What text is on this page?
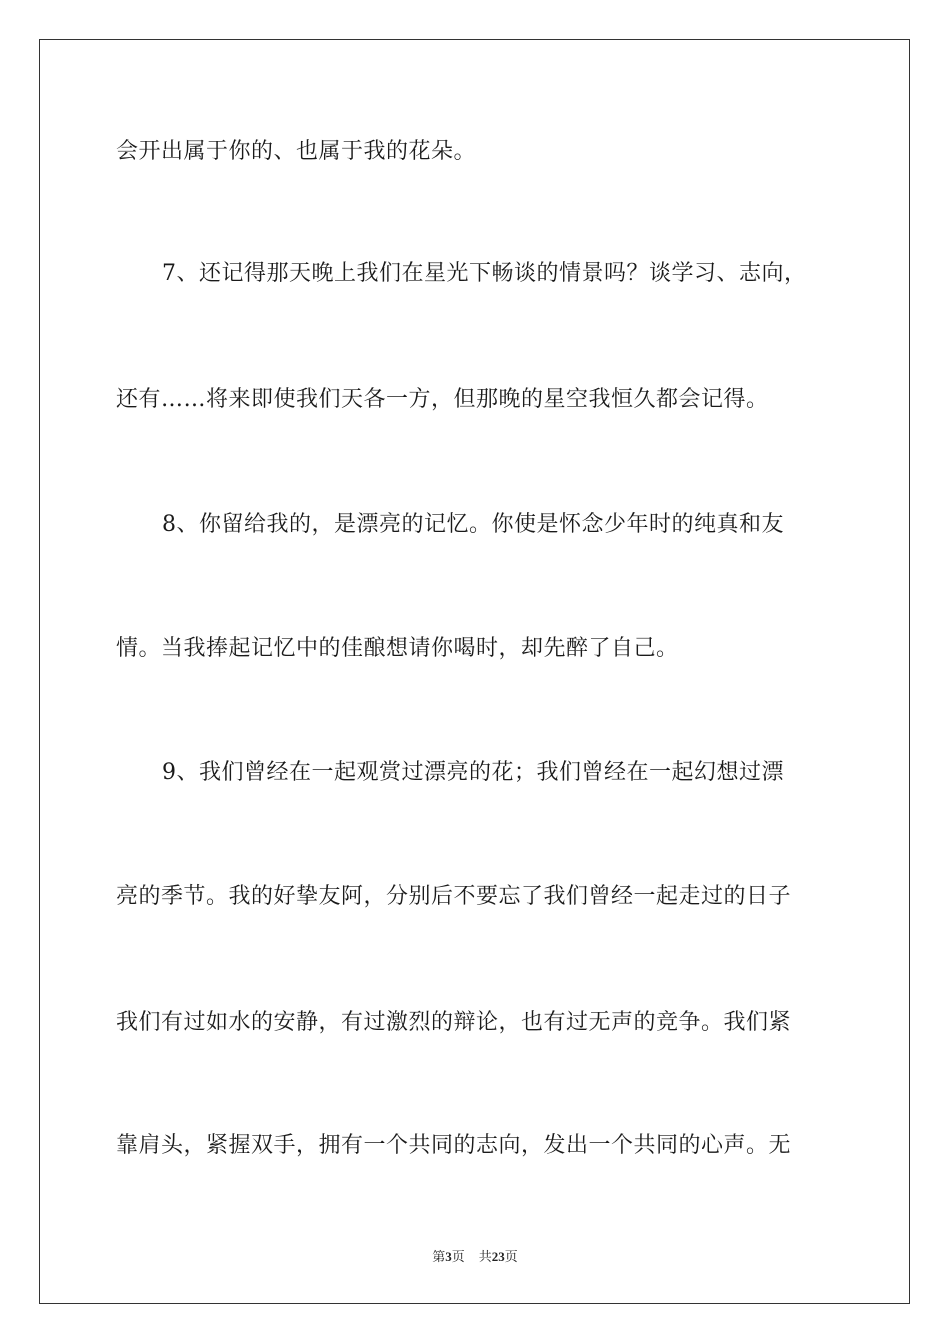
会开出属于你的、也属于我的花朵。
7、还记得那天晚上我们在星光下畅谈的情景吗？谈学习、志向，
还有……将来即使我们天各一方，但那晚的星空我恒久都会记得。
8、你留给我的，是漂亮的记忆。你使是怀念少年时的纯真和友
情。当我捧起记忆中的佳酿想请你喝时，却先醉了自己。
9、我们曾经在一起观赏过漂亮的花；我们曾经在一起幻想过漂
亮的季节。我的好挚友阿，分别后不要忘了我们曾经一起走过的日子
我们有过如水的安静，有过激烈的辩论，也有过无声的竞争。我们紧
靠肩头，紧握双手，拥有一个共同的志向，发出一个共同的心声。无
第3页 共23页
